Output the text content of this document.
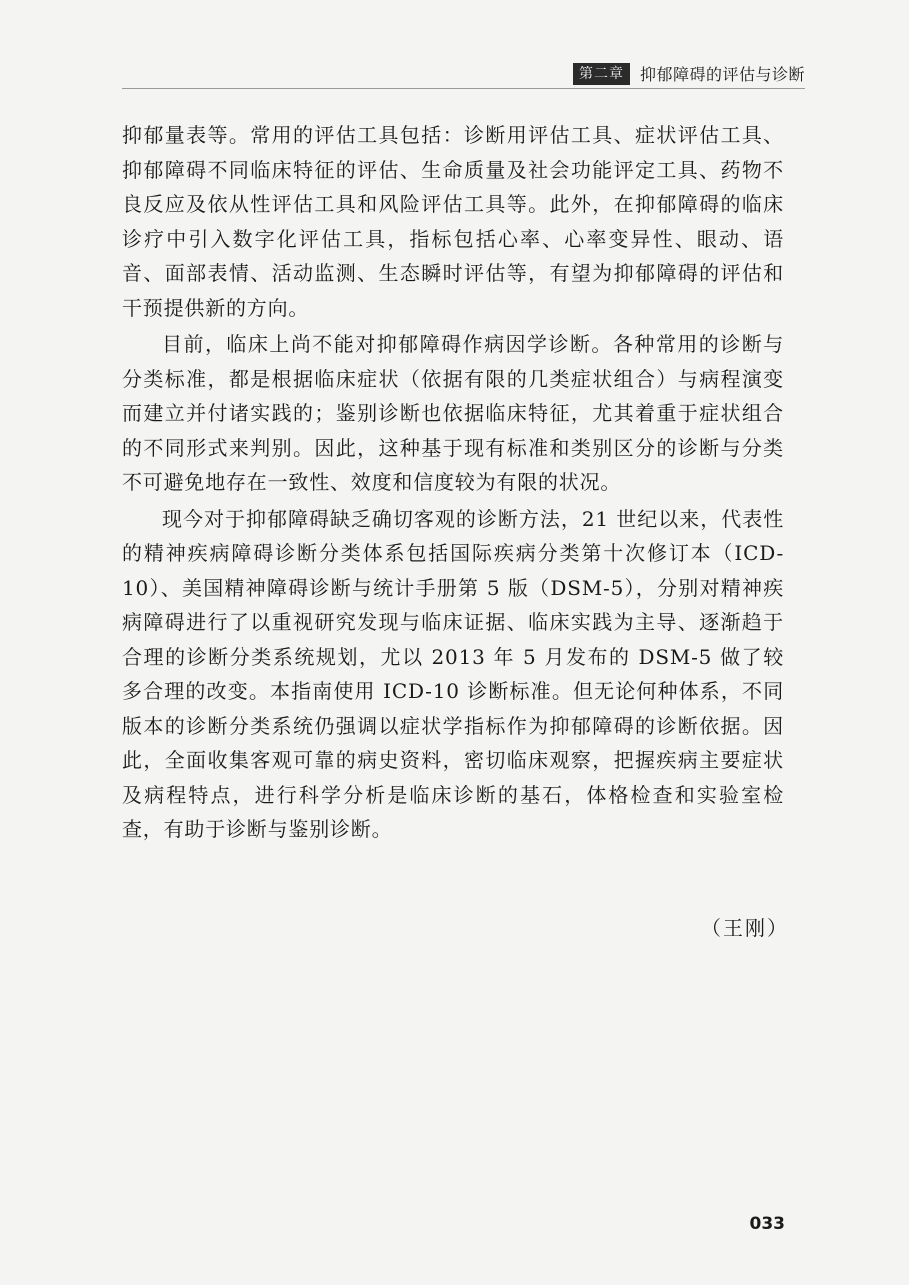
第二章	抑郁障碍的评估与诊断

抑郁量表等。常用的评估工具包括：诊断用评估工具、症状评估工具、抑郁障碍不同临床特征的评估、生命质量及社会功能评定工具、药物不良反应及依从性评估工具和风险评估工具等。此外，在抑郁障碍的临床诊疗中引入数字化评估工具，指标包括心率、心率变异性、眼动、语音、面部表情、活动监测、生态瞬时评估等，有望为抑郁障碍的评估和干预提供新的方向。

目前，临床上尚不能对抑郁障碍作病因学诊断。各种常用的诊断与分类标准，都是根据临床症状（依据有限的几类症状组合）与病程演变而建立并付诸实践的；鉴别诊断也依据临床特征，尤其着重于症状组合的不同形式来判别。因此，这种基于现有标准和类别区分的诊断与分类不可避免地存在一致性、效度和信度较为有限的状况。

现今对于抑郁障碍缺乏确切客观的诊断方法，21 世纪以来，代表性的精神疾病障碍诊断分类体系包括国际疾病分类第十次修订本（ICD-10）、美国精神障碍诊断与统计手册第 5 版（DSM-5），分别对精神疾病障碍进行了以重视研究发现与临床证据、临床实践为主导、逐渐趋于合理的诊断分类系统规划，尤以 2013 年 5 月发布的 DSM-5 做了较多合理的改变。本指南使用 ICD-10 诊断标准。但无论何种体系，不同版本的诊断分类系统仍强调以症状学指标作为抑郁障碍的诊断依据。因此，全面收集客观可靠的病史资料，密切临床观察，把握疾病主要症状及病程特点，进行科学分析是临床诊断的基石，体格检查和实验室检查，有助于诊断与鉴别诊断。

（王刚）
033
